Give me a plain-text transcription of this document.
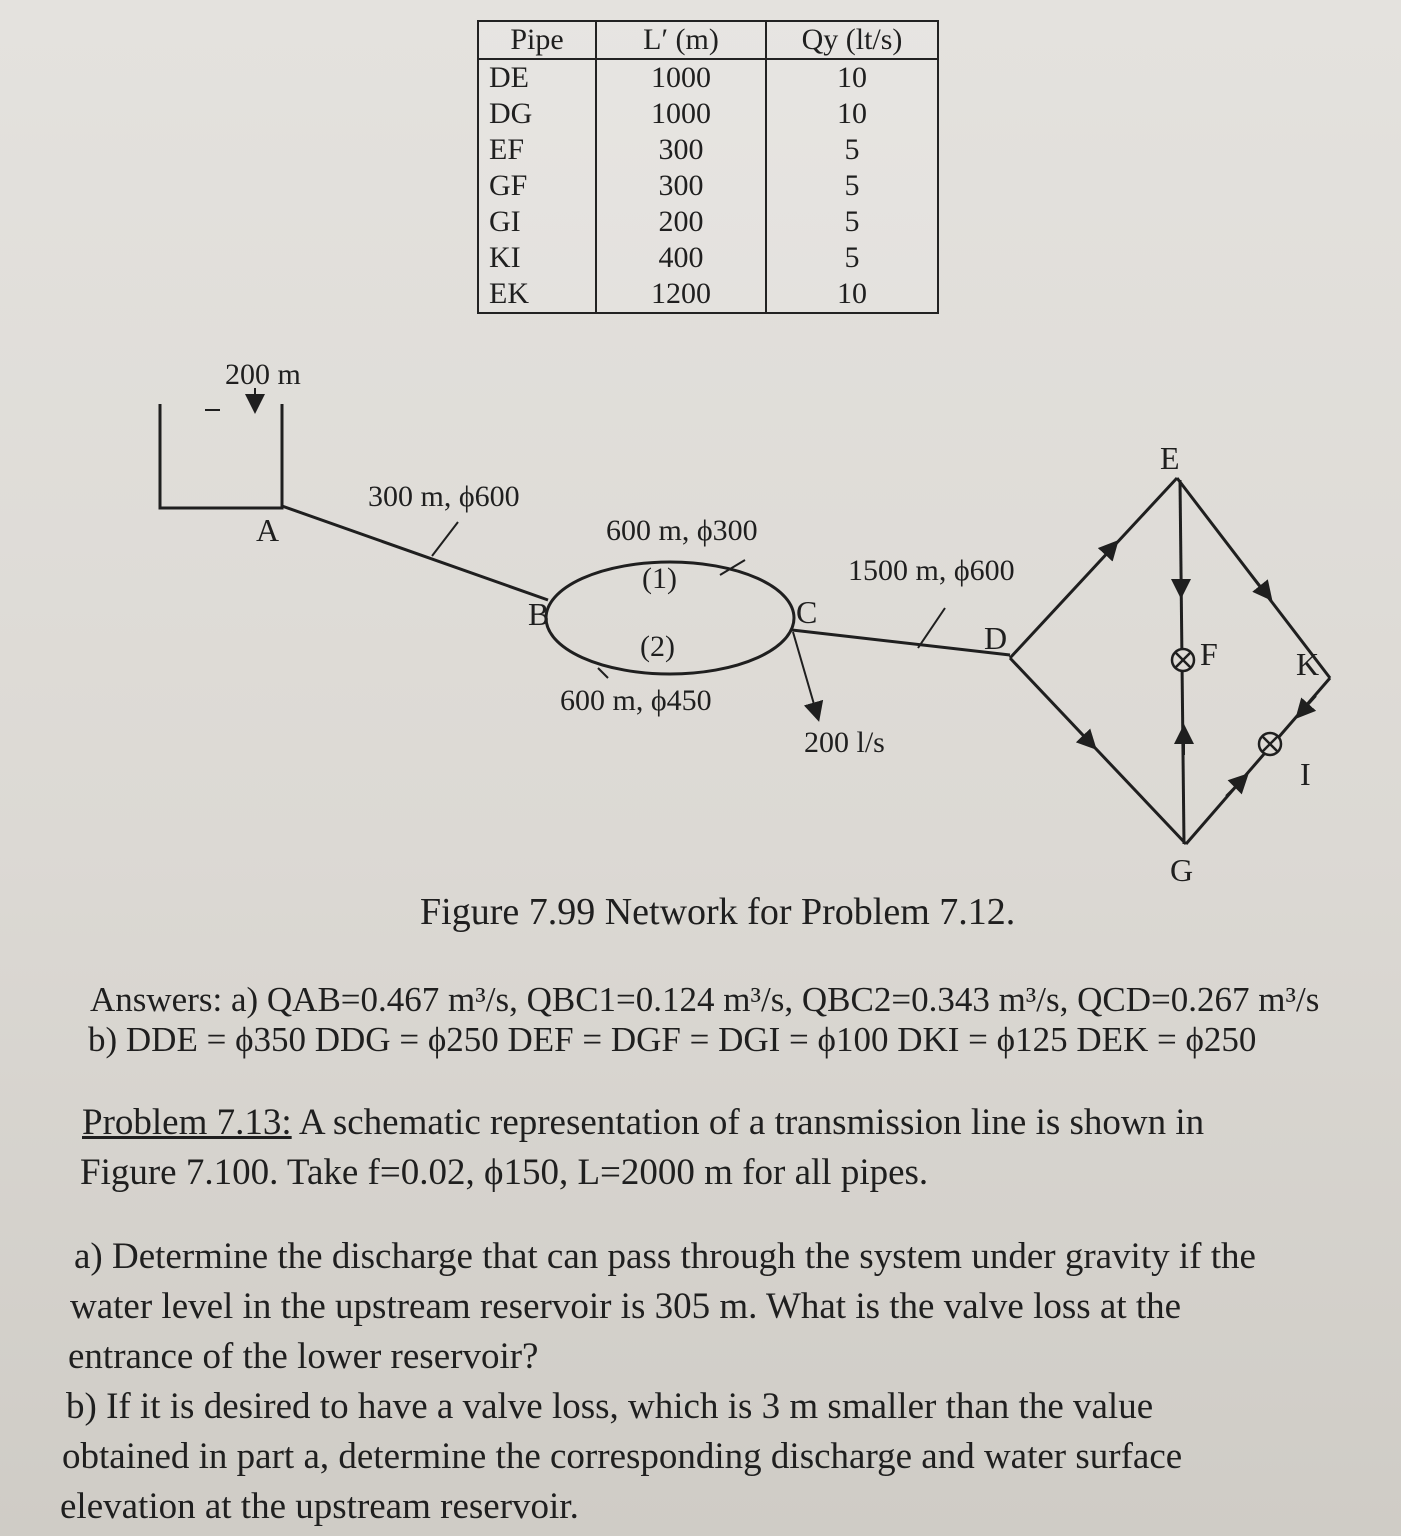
Pipe	L′ (m)	Qy (lt/s)
DE	1000	10
DG	1000	10
EF	300	5
GF	300	5
GI	200	5
KI	400	5
EK	1200	10
200 m
A
300 m, ϕ600
B
600 m, ϕ300
(1)
(2)
600 m, ϕ450
C
1500 m, ϕ600
D
200 l/s
E
F K
I
G
Figure 7.99 Network for Problem 7.12.
Answers: a) QAB=0.467 m³/s, QBC1=0.124 m³/s, QBC2=0.343 m³/s, QCD=0.267 m³/s
b) DDE = ϕ350 DDG = ϕ250 DEF = DGF = DGI = ϕ100 DKI = ϕ125 DEK = ϕ250
Problem 7.13: A schematic representation of a transmission line is shown in
Figure 7.100. Take f=0.02, ϕ150, L=2000 m for all pipes.
a) Determine the discharge that can pass through the system under gravity if the
water level in the upstream reservoir is 305 m. What is the valve loss at the
entrance of the lower reservoir?
b) If it is desired to have a valve loss, which is 3 m smaller than the value
obtained in part a, determine the corresponding discharge and water surface
elevation at the upstream reservoir.
